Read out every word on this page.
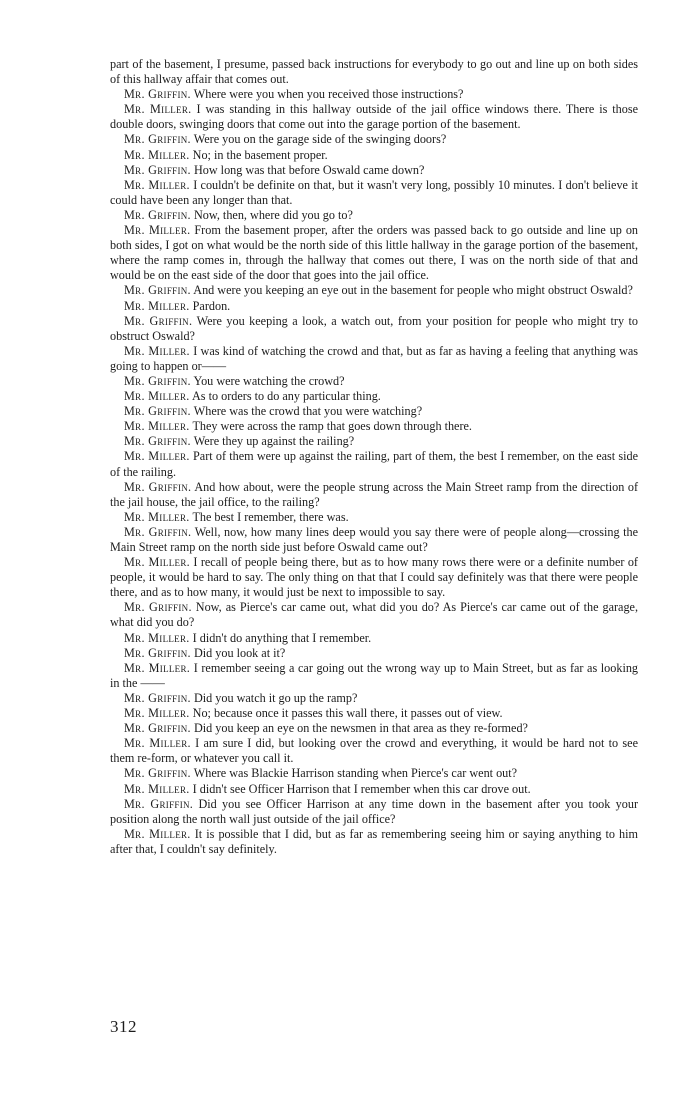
part of the basement, I presume, passed back instructions for everybody to go out and line up on both sides of this hallway affair that comes out.

Mr. Griffin. Where were you when you received those instructions?

Mr. Miller. I was standing in this hallway outside of the jail office windows there. There is those double doors, swinging doors that come out into the garage portion of the basement.

Mr. Griffin. Were you on the garage side of the swinging doors?

Mr. Miller. No; in the basement proper.

Mr. Griffin. How long was that before Oswald came down?

Mr. Miller. I couldn't be definite on that, but it wasn't very long, possibly 10 minutes. I don't believe it could have been any longer than that.

Mr. Griffin. Now, then, where did you go to?

Mr. Miller. From the basement proper, after the orders was passed back to go outside and line up on both sides, I got on what would be the north side of this little hallway in the garage portion of the basement, where the ramp comes in, through the hallway that comes out there, I was on the north side of that and would be on the east side of the door that goes into the jail office.

Mr. Griffin. And were you keeping an eye out in the basement for people who might obstruct Oswald?

Mr. Miller. Pardon.

Mr. Griffin. Were you keeping a look, a watch out, from your position for people who might try to obstruct Oswald?

Mr. Miller. I was kind of watching the crowd and that, but as far as having a feeling that anything was going to happen or——

Mr. Griffin. You were watching the crowd?

Mr. Miller. As to orders to do any particular thing.

Mr. Griffin. Where was the crowd that you were watching?

Mr. Miller. They were across the ramp that goes down through there.

Mr. Griffin. Were they up against the railing?

Mr. Miller. Part of them were up against the railing, part of them, the best I remember, on the east side of the railing.

Mr. Griffin. And how about, were the people strung across the Main Street ramp from the direction of the jail house, the jail office, to the railing?

Mr. Miller. The best I remember, there was.

Mr. Griffin. Well, now, how many lines deep would you say there were of people along—crossing the Main Street ramp on the north side just before Oswald came out?

Mr. Miller. I recall of people being there, but as to how many rows there were or a definite number of people, it would be hard to say. The only thing on that that I could say definitely was that there were people there, and as to how many, it would just be next to impossible to say.

Mr. Griffin. Now, as Pierce's car came out, what did you do? As Pierce's car came out of the garage, what did you do?

Mr. Miller. I didn't do anything that I remember.

Mr. Griffin. Did you look at it?

Mr. Miller. I remember seeing a car going out the wrong way up to Main Street, but as far as looking in the ——

Mr. Griffin. Did you watch it go up the ramp?

Mr. Miller. No; because once it passes this wall there, it passes out of view.

Mr. Griffin. Did you keep an eye on the newsmen in that area as they re-formed?

Mr. Miller. I am sure I did, but looking over the crowd and everything, it would be hard not to see them re-form, or whatever you call it.

Mr. Griffin. Where was Blackie Harrison standing when Pierce's car went out?

Mr. Miller. I didn't see Officer Harrison that I remember when this car drove out.

Mr. Griffin. Did you see Officer Harrison at any time down in the basement after you took your position along the north wall just outside of the jail office?

Mr. Miller. It is possible that I did, but as far as remembering seeing him or saying anything to him after that, I couldn't say definitely.

312
